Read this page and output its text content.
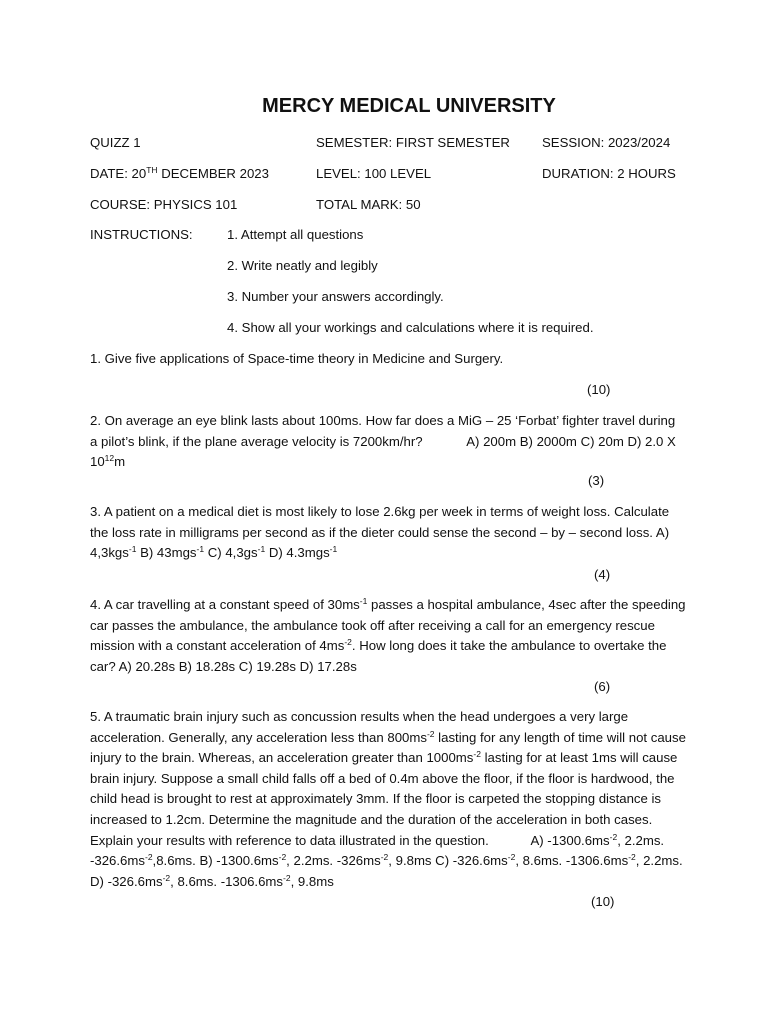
MERCY MEDICAL UNIVERSITY
QUIZZ 1	SEMESTER: FIRST SEMESTER SESSION: 2023/2024
DATE: 20TH DECEMBER 2023	LEVEL: 100 LEVEL	DURATION: 2 HOURS
COURSE: PHYSICS 101	TOTAL MARK: 50
INSTRUCTIONS:	1. Attempt all questions
2. Write neatly and legibly
3. Number your answers accordingly.
4. Show all your workings and calculations where it is required.
1. Give five applications of Space-time theory in Medicine and Surgery.
(10)
2. On average an eye blink lasts about 100ms. How far does a MiG – 25 ‘Forbat’ fighter travel during a pilot’s blink, if the plane average velocity is 7200km/hr?	A) 200m B) 2000m C) 20m D) 2.0 X $10^{12}m$
(3)
3. A patient on a medical diet is most likely to lose 2.6kg per week in terms of weight loss. Calculate the loss rate in milligrams per second as if the dieter could sense the second – by – second loss. A) 4,3kgs$^{-1}$ B) 43mgs$^{-1}$ C) $4,3gs^{-1}$ D) 4.3mgs$^{-1}$
(4)
4. A car travelling at a constant speed of $30ms^{-1}$ passes a hospital ambulance, 4sec after the speeding car passes the ambulance, the ambulance took off after receiving a call for an emergency rescue mission with a constant acceleration of $4ms^{-2}$. How long does it take the ambulance to overtake the car? A) 20.28s B) 18.28s C) 19.28s D) 17.28s
(6)
5. A traumatic brain injury such as concussion results when the head undergoes a very large acceleration. Generally, any acceleration less than $800ms^{-2}$ lasting for any length of time will not cause injury to the brain. Whereas, an acceleration greater than $1000ms^{-2}$ lasting for at least 1ms will cause brain injury. Suppose a small child falls off a bed of 0.4m above the floor, if the floor is hardwood, the child head is brought to rest at approximately 3mm. If the floor is carpeted the stopping distance is increased to 1.2cm. Determine the magnitude and the duration of the acceleration in both cases. Explain your results with reference to data illustrated in the question.	A) $-1300.6ms^{-2}$, 2.2ms. $-326.6ms^{-2},8.6ms$. B) $-1300.6ms^{-2}$, 2.2ms. $-326ms^{-2}$, 9.8ms C) $-326.6ms^{-2}$, 8.6ms. $-1306.6ms^{-2}$, 2.2ms. D) $-326.6ms^{-2}$, 8.6ms. $-1306.6ms^{-2}$, 9.8ms
(10)
